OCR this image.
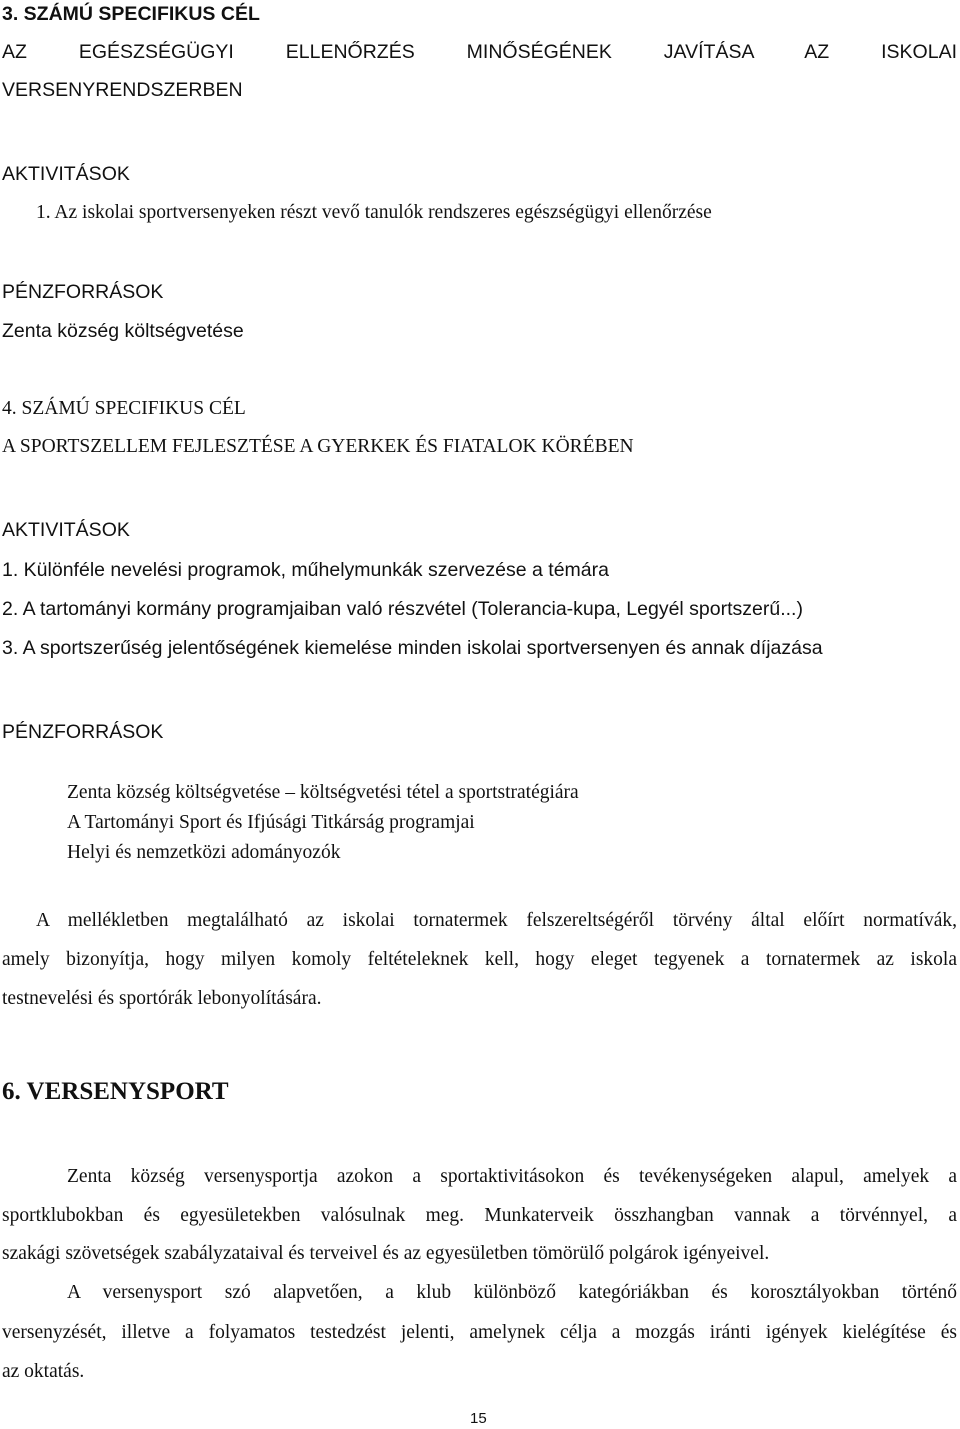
3. SZÁMÚ SPECIFIKUS CÉL
AZ EGÉSZSÉGÜGYI ELLENŐRZÉS MINŐSÉGÉNEK JAVÍTÁSA AZ ISKOLAI
VERSENYRENDSZERBEN
AKTIVITÁSOK
1. Az iskolai sportversenyeken részt vevő tanulók rendszeres egészségügyi ellenőrzése
PÉNZFORRÁSOK
Zenta község költségvetése
4. SZÁMÚ SPECIFIKUS CÉL
A SPORTSZELLEM FEJLESZTÉSE A GYERKEK ÉS FIATALOK KÖRÉBEN
AKTIVITÁSOK
1. Különféle nevelési programok, műhelymunkák szervezése a témára
2. A tartományi kormány programjaiban való részvétel (Tolerancia-kupa, Legyél sportszerű...)
3. A sportszerűség jelentőségének kiemelése minden iskolai sportversenyen és annak díjazása
PÉNZFORRÁSOK
Zenta község költségvetése – költségvetési tétel a sportstratégiára
A Tartományi Sport és Ifjúsági Titkárság programjai
Helyi és nemzetközi adományozók
A mellékletben megtalálható az iskolai tornatermek felszereltségéről törvény által előírt normatívák,
amely bizonyítja, hogy milyen komoly feltételeknek kell, hogy eleget tegyenek a tornatermek az iskola
testnevelési és sportórák lebonyolítására.
6. VERSENYSPORT
Zenta község versenysportja azokon a sportaktivitásokon és tevékenységeken alapul, amelyek a
sportklubokban és egyesületekben valósulnak meg. Munkaterveik összhangban vannak a törvénnyel, a
szakági szövetségek szabályzataival és terveivel és az egyesületben tömörülő polgárok igényeivel.
A versenysport szó alapvetően, a klub különböző kategóriákban és korosztályokban történő
versenyzését, illetve a folyamatos testedzést jelenti, amelynek célja a mozgás iránti igények kielégítése és
az oktatás.
15
